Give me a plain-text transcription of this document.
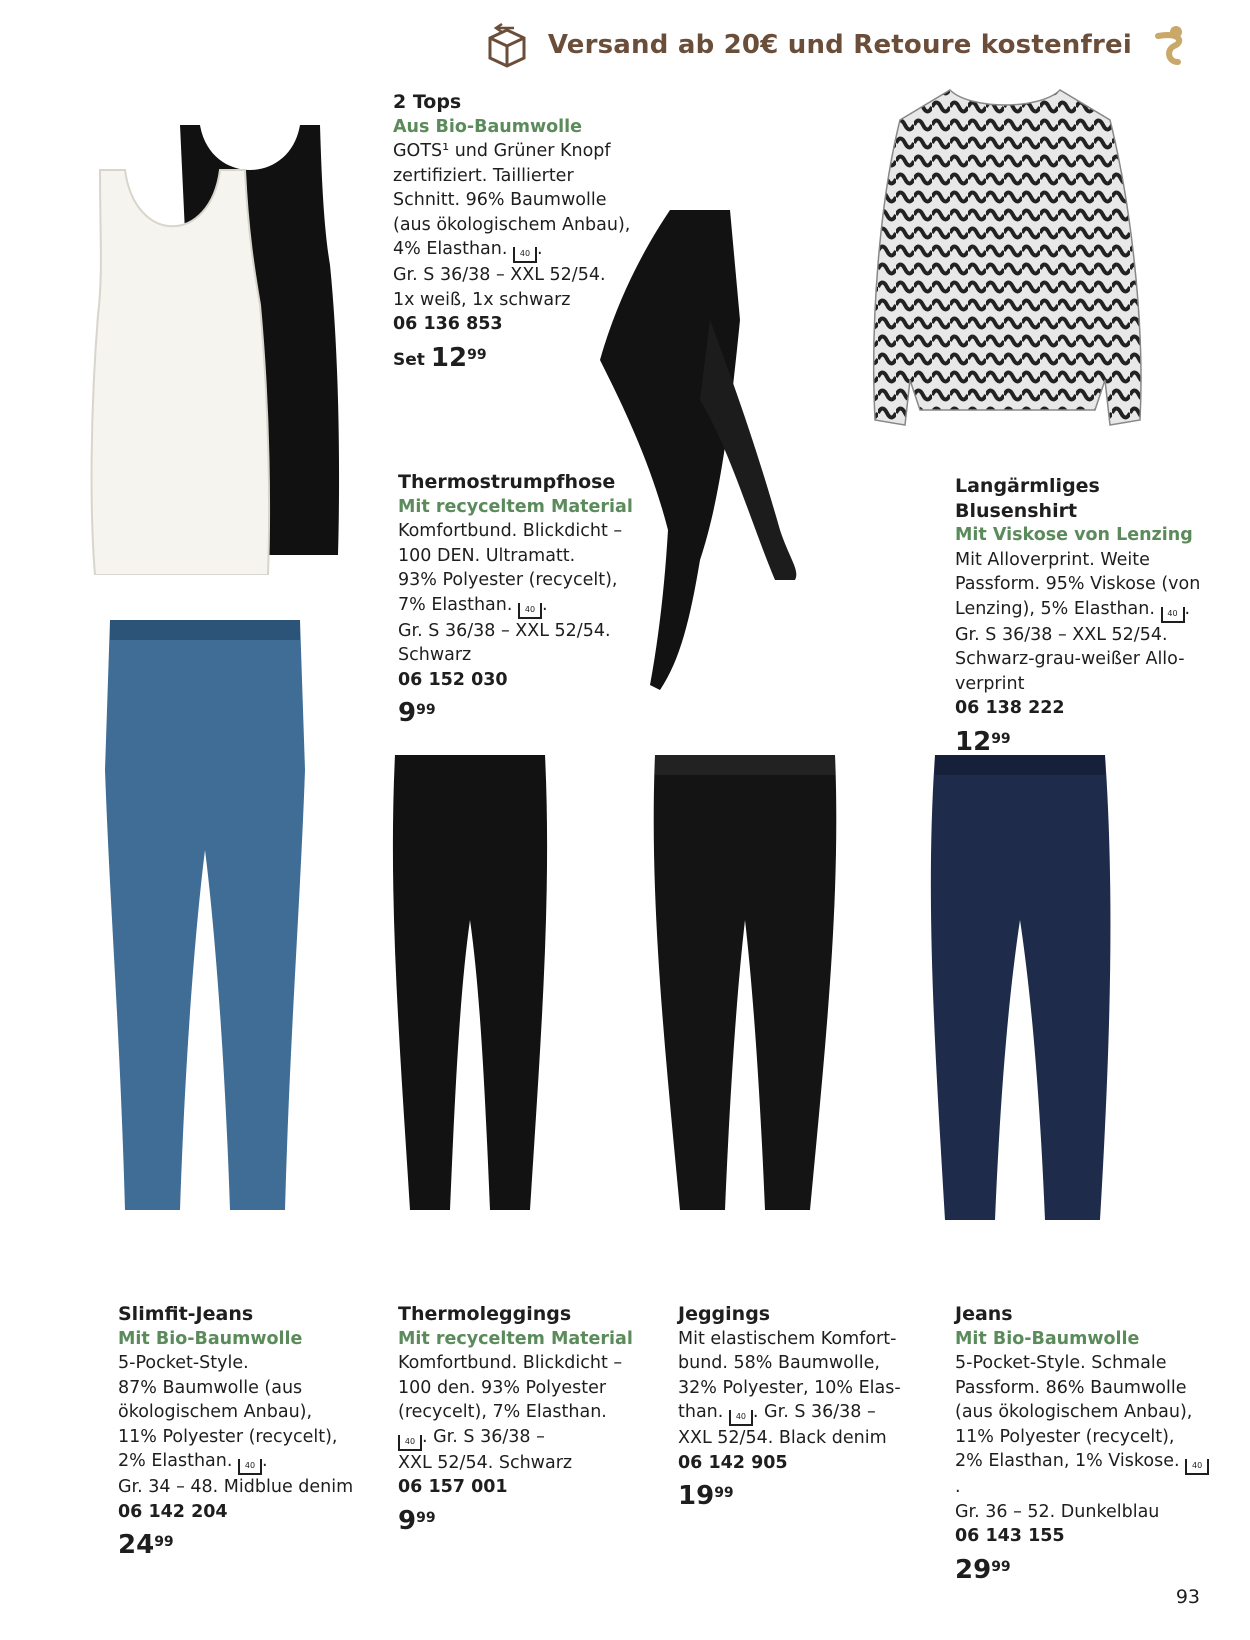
Versand ab 20€ und Retoure kostenfrei
2 Tops
Aus Bio-Baumwolle
GOTS¹ und Grüner Knopf
zertifiziert. Taillierter
Schnitt. 96% Baumwolle
(aus ökologischem Anbau),
4% Elasthan. 40 .
Gr. S 36/38 – XXL 52/54.
1x weiß, 1x schwarz
06 136 853
Set $12^{99}$
Thermostrumpfhose
Mit recyceltem Material
Komfortbund. Blickdicht –
100 DEN. Ultramatt.
93% Polyester (recycelt),
7% Elasthan. 40 .
Gr. S 36/38 – XXL 52/54.
Schwarz
06 152 030
$9^{99}$
Langärmliges
Blusenshirt
Mit Viskose von Lenzing
Mit Alloverprint. Weite
Passform. 95% Viskose (von
Lenzing), 5% Elasthan. 40 .
Gr. S 36/38 – XXL 52/54.
Schwarz-grau-weißer Allo-
verprint
06 138 222
$12^{99}$
Slimfit-Jeans
Mit Bio-Baumwolle
5-Pocket-Style.
87% Baumwolle (aus
ökologischem Anbau),
11% Polyester (recycelt),
2% Elasthan. 40 .
Gr. 34 – 48. Midblue denim
06 142 204
$24^{99}$
Thermoleggings
Mit recyceltem Material
Komfortbund. Blickdicht –
100 den. 93% Polyester
(recycelt), 7% Elasthan.
40 . Gr. S 36/38 –
XXL 52/54. Schwarz
06 157 001
$9^{99}$
Jeggings
Mit elastischem Komfort-
bund. 58% Baumwolle,
32% Polyester, 10% Elas-
than. 40 . Gr. S 36/38 –
XXL 52/54. Black denim
06 142 905
$19^{99}$
Jeans
Mit Bio-Baumwolle
5-Pocket-Style. Schmale
Passform. 86% Baumwolle
(aus ökologischem Anbau),
11% Polyester (recycelt),
2% Elasthan, 1% Viskose. 40.
Gr. 36 – 52. Dunkelblau
06 143 155
$29^{99}$
93
